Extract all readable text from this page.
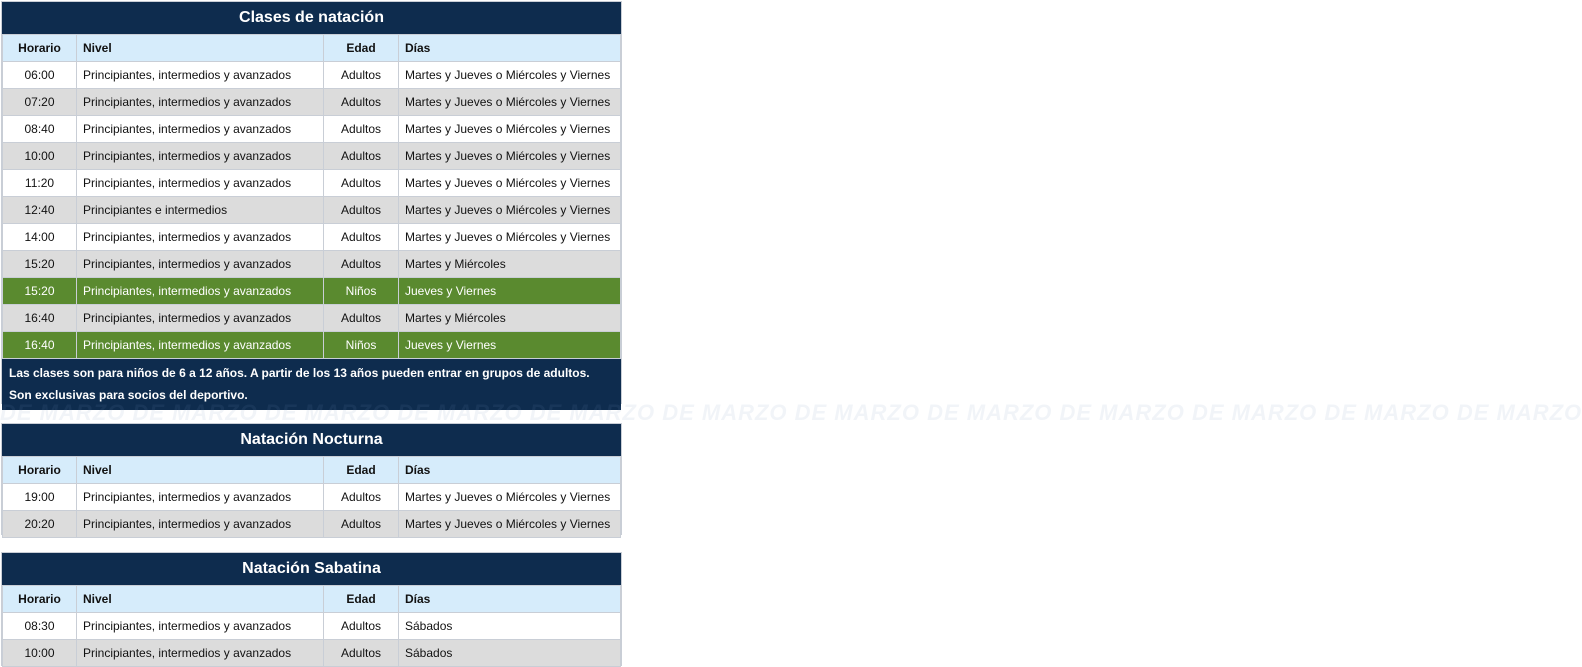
DE MARZO DE MARZO DE MARZO DE MARZO DE MARZO DE MARZO DE MARZO DE MARZO DE MARZO DE MARZO DE MARZO DE MARZO
Clases de natación
Horario	Nivel	Edad	Días
06:00	Principiantes, intermedios y avanzados	Adultos	Martes y Jueves o Miércoles y Viernes
07:20	Principiantes, intermedios y avanzados	Adultos	Martes y Jueves o Miércoles y Viernes
08:40	Principiantes, intermedios y avanzados	Adultos	Martes y Jueves o Miércoles y Viernes
10:00	Principiantes, intermedios y avanzados	Adultos	Martes y Jueves o Miércoles y Viernes
11:20	Principiantes, intermedios y avanzados	Adultos	Martes y Jueves o Miércoles y Viernes
12:40	Principiantes e intermedios	Adultos	Martes y Jueves o Miércoles y Viernes
14:00	Principiantes, intermedios y avanzados	Adultos	Martes y Jueves o Miércoles y Viernes
15:20	Principiantes, intermedios y avanzados	Adultos	Martes y Miércoles
15:20	Principiantes, intermedios y avanzados	Niños	Jueves y Viernes
16:40	Principiantes, intermedios y avanzados	Adultos	Martes y Miércoles
16:40	Principiantes, intermedios y avanzados	Niños	Jueves y Viernes
Las clases son para niños de 6 a 12 años. A partir de los 13 años pueden entrar en grupos de adultos.
Son exclusivas para socios del deportivo.
Natación Nocturna
Horario	Nivel	Edad	Días
19:00	Principiantes, intermedios y avanzados	Adultos	Martes y Jueves o Miércoles y Viernes
20:20	Principiantes, intermedios y avanzados	Adultos	Martes y Jueves o Miércoles y Viernes
Natación Sabatina
Horario	Nivel	Edad	Días
08:30	Principiantes, intermedios y avanzados	Adultos	Sábados
10:00	Principiantes, intermedios y avanzados	Adultos	Sábados
